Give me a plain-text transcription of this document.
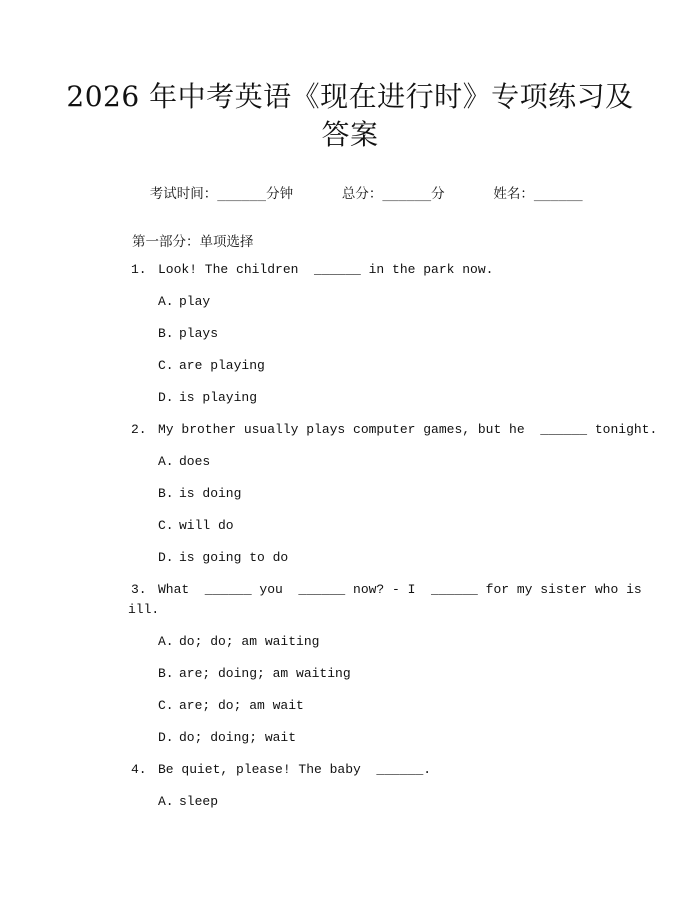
2026 年中考英语《现在进行时》专项练习及
答案

考试时间：______分钟	总分：______分	姓名：______

第一部分：单项选择
1. Look! The children  ______ in the park now.
A. play
B. plays
C. are playing
D. is playing
2. My brother usually plays computer games, but he  ______ tonight.
A. does
B. is doing
C. will do
D. is going to do
3. What  ______ you  ______ now? - I  ______ for my sister who is
ill.
A. do; do; am waiting
B. are; doing; am waiting
C. are; do; am wait
D. do; doing; wait
4. Be quiet, please! The baby  ______.
A. sleep
